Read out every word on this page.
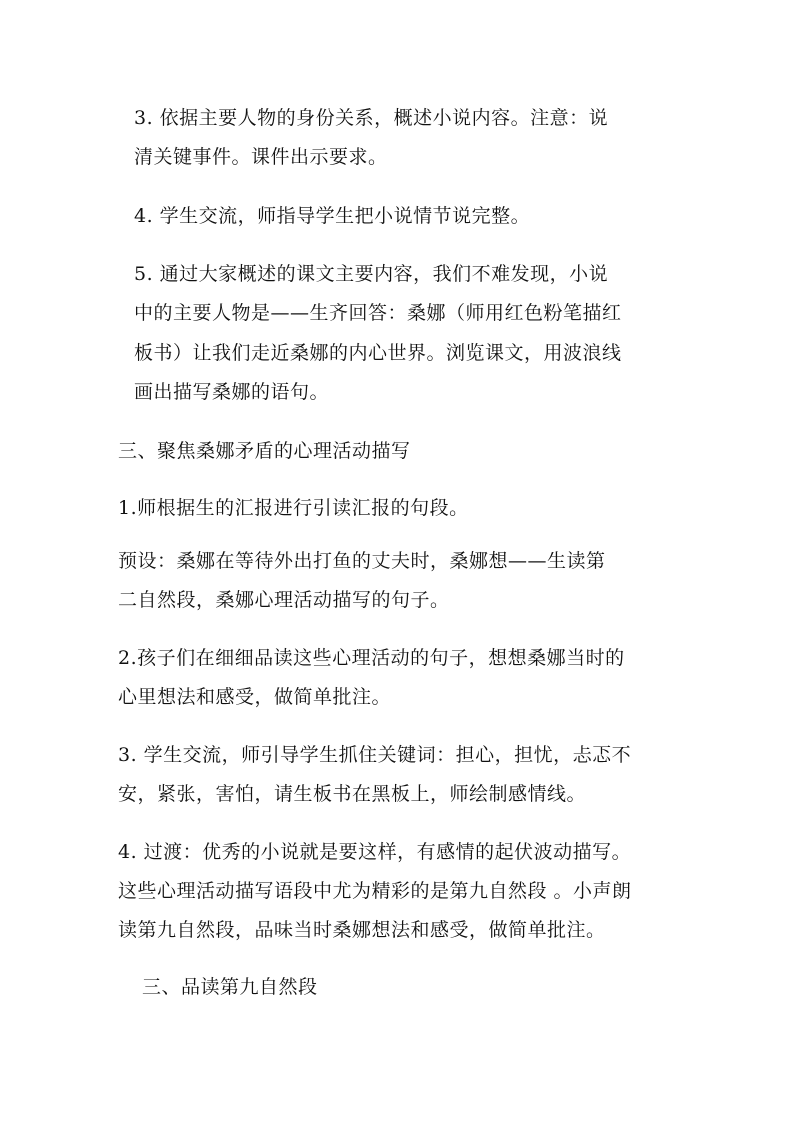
3. 依据主要人物的身份关系，概述小说内容。注意：说
清关键事件。课件出示要求。
4. 学生交流，师指导学生把小说情节说完整。
5. 通过大家概述的课文主要内容，我们不难发现，小说
中的主要人物是——生齐回答：桑娜（师用红色粉笔描红
板书）让我们走近桑娜的内心世界。浏览课文，用波浪线
画出描写桑娜的语句。
三、聚焦桑娜矛盾的心理活动描写
1.师根据生的汇报进行引读汇报的句段。
预设：桑娜在等待外出打鱼的丈夫时，桑娜想——生读第
二自然段，桑娜心理活动描写的句子。
2.孩子们在细细品读这些心理活动的句子，想想桑娜当时的
心里想法和感受，做简单批注。
3. 学生交流，师引导学生抓住关键词：担心，担忧，忐忑不
安，紧张，害怕，请生板书在黑板上，师绘制感情线。
4. 过渡：优秀的小说就是要这样，有感情的起伏波动描写。
这些心理活动描写语段中尤为精彩的是第九自然段 。小声朗
读第九自然段，品味当时桑娜想法和感受，做简单批注。
三、品读第九自然段
